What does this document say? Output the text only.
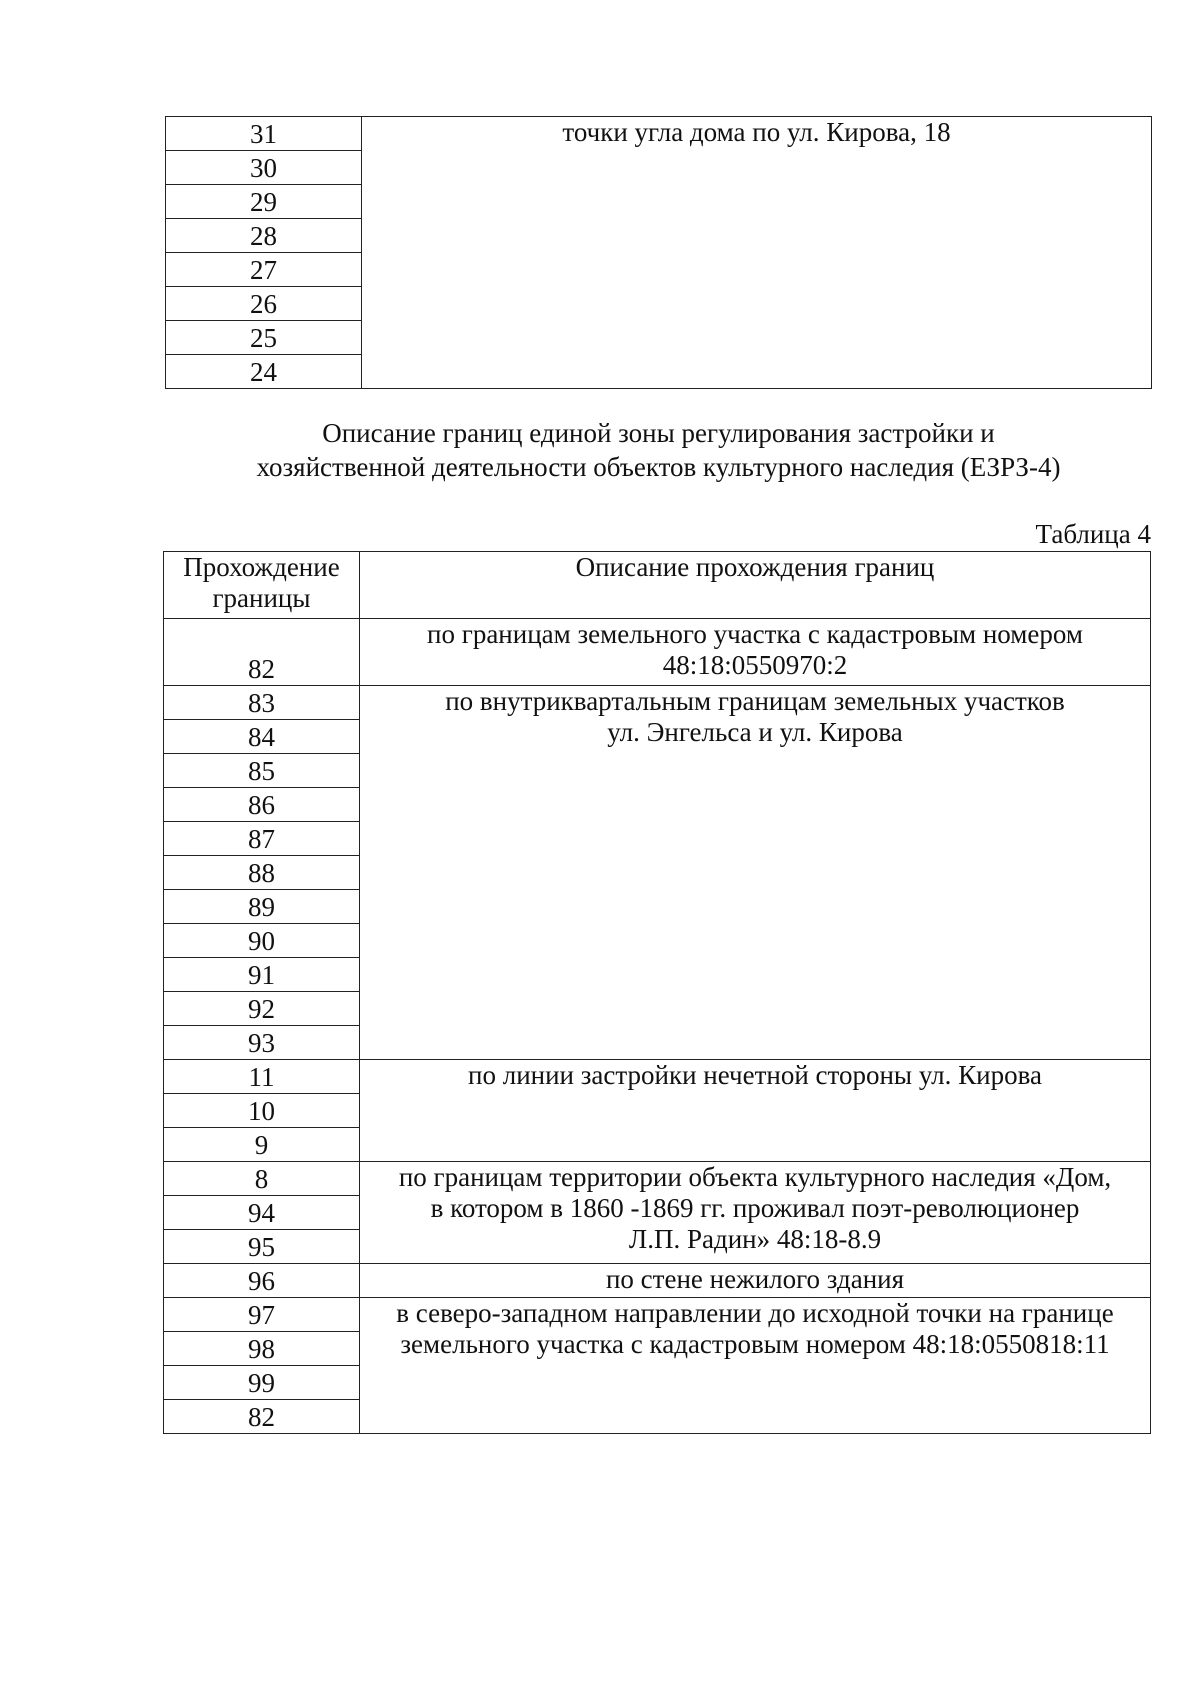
31	точки угла дома по ул. Кирова, 18
30
29
28
27
26
25
24
Описание границ единой зоны регулирования застройки и
хозяйственной деятельности объектов культурного наследия (ЕЗРЗ-4)
Таблица 4
Прохождение
границы	Описание прохождения границ
82	по границам земельного участка с кадастровым номером
48:18:0550970:2

83	по внутриквартальным границам земельных участков
ул. Энгельса и ул. Кирова

84	
85	
86	
87	
88	
89	
90	
91	
92	
93	
11	по линии застройки нечетной стороны ул. Кирова

10	
9	
8	по границам территории объекта культурного наследия «Дом,
в котором в 1860 -1869 гг. проживал поэт-революционер
Л.П. Радин» 48:18-8.9

94	
95	
96	по стене нежилого здания

97	в северо-западном направлении до исходной точки на границе
земельного участка с кадастровым номером 48:18:0550818:11

98	
99	
82	
